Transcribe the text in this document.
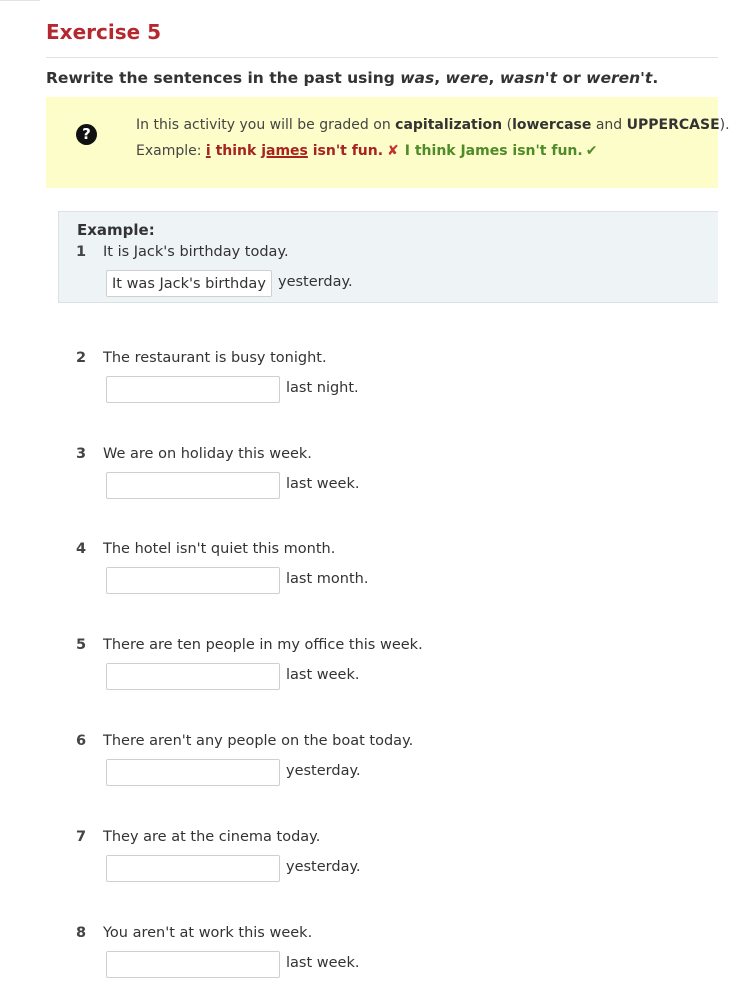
Exercise 5
Rewrite the sentences in the past using was, were, wasn't or weren't.
?	In this activity you will be graded on capitalization (lowercase and UPPERCASE).
Example: i think james isn't fun. ✘ I think James isn't fun. ✔
Example:
1 It is Jack's birthday today.
It was Jack's birthday
yesterday.
2 The restaurant is busy tonight.
last night.
3 We are on holiday this week.
last week.
4 The hotel isn't quiet this month.
last month.
5 There are ten people in my office this week.
last week.
6 There aren't any people on the boat today.
yesterday.
7 They are at the cinema today.
yesterday.
8 You aren't at work this week.
last week.
